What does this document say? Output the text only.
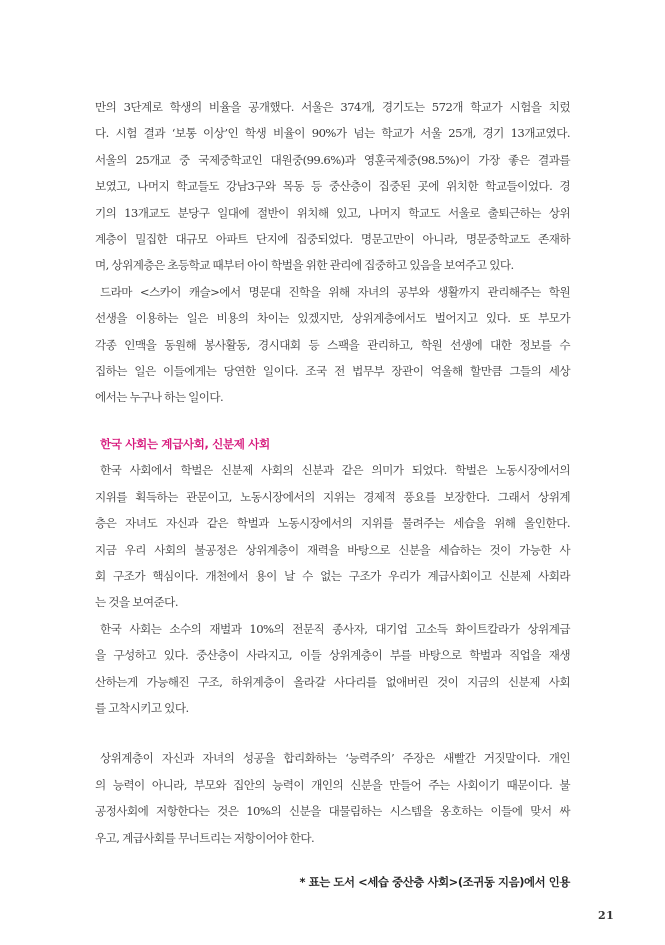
만의 3단계로 학생의 비율을 공개했다. 서울은 374개, 경기도는 572개 학교가 시험을 치렀
다. 시험 결과 ‘보통 이상’인 학생 비율이 90%가 넘는 학교가 서울 25개, 경기 13개교였다.
서울의 25개교 중 국제중학교인 대원중(99.6%)과 영훈국제중(98.5%)이 가장 좋은 결과를
보였고, 나머지 학교들도 강남3구와 목동 등 중산층이 집중된 곳에 위치한 학교들이었다. 경
기의 13개교도 분당구 일대에 절반이 위치해 있고, 나머지 학교도 서울로 출퇴근하는 상위
계층이 밀집한 대규모 아파트 단지에 집중되었다. 명문고만이 아니라, 명문중학교도 존재하
며, 상위계층은 초등학교 때부터 아이 학벌을 위한 관리에 집중하고 있음을 보여주고 있다.

드라마 <스카이 캐슬>에서 명문대 진학을 위해 자녀의 공부와 생활까지 관리해주는 학원
선생을 이용하는 일은 비용의 차이는 있겠지만, 상위계층에서도 벌어지고 있다. 또 부모가
각종 인맥을 동원해 봉사활동, 경시대회 등 스팩을 관리하고, 학원 선생에 대한 정보를 수
집하는 일은 이들에게는 당연한 일이다. 조국 전 법무부 장관이 억울해 할만큼 그들의 세상
에서는 누구나 하는 일이다.

한국 사회는 계급사회, 신분제 사회

한국 사회에서 학벌은 신분제 사회의 신분과 같은 의미가 되었다. 학벌은 노동시장에서의
지위를 획득하는 관문이고, 노동시장에서의 지위는 경제적 풍요를 보장한다. 그래서 상위계
층은 자녀도 자신과 같은 학벌과 노동시장에서의 지위를 물려주는 세습을 위해 올인한다.
지금 우리 사회의 불공정은 상위계층이 재력을 바탕으로 신분을 세습하는 것이 가능한 사
회 구조가 핵심이다. 개천에서 용이 날 수 없는 구조가 우리가 계급사회이고 신분제 사회라
는 것을 보여준다.

한국 사회는 소수의 재벌과 10%의 전문직 종사자, 대기업 고소득 화이트칼라가 상위계급
을 구성하고 있다. 중산층이 사라지고, 이들 상위계층이 부를 바탕으로 학벌과 직업을 재생
산하는게 가능해진 구조, 하위계층이 올라갈 사다리를 없애버린 것이 지금의 신분제 사회
를 고착시키고 있다.

상위계층이 자신과 자녀의 성공을 합리화하는 ‘능력주의’ 주장은 새빨간 거짓말이다. 개인
의 능력이 아니라, 부모와 집안의 능력이 개인의 신분을 만들어 주는 사회이기 때문이다. 불
공정사회에 저항한다는 것은 10%의 신분을 대물림하는 시스템을 옹호하는 이들에 맞서 싸
우고, 계급사회를 무너트리는 저항이어야 한다.

* 표는 도서 <세습 중산층 사회>(조귀동 지음)에서 인용

21
